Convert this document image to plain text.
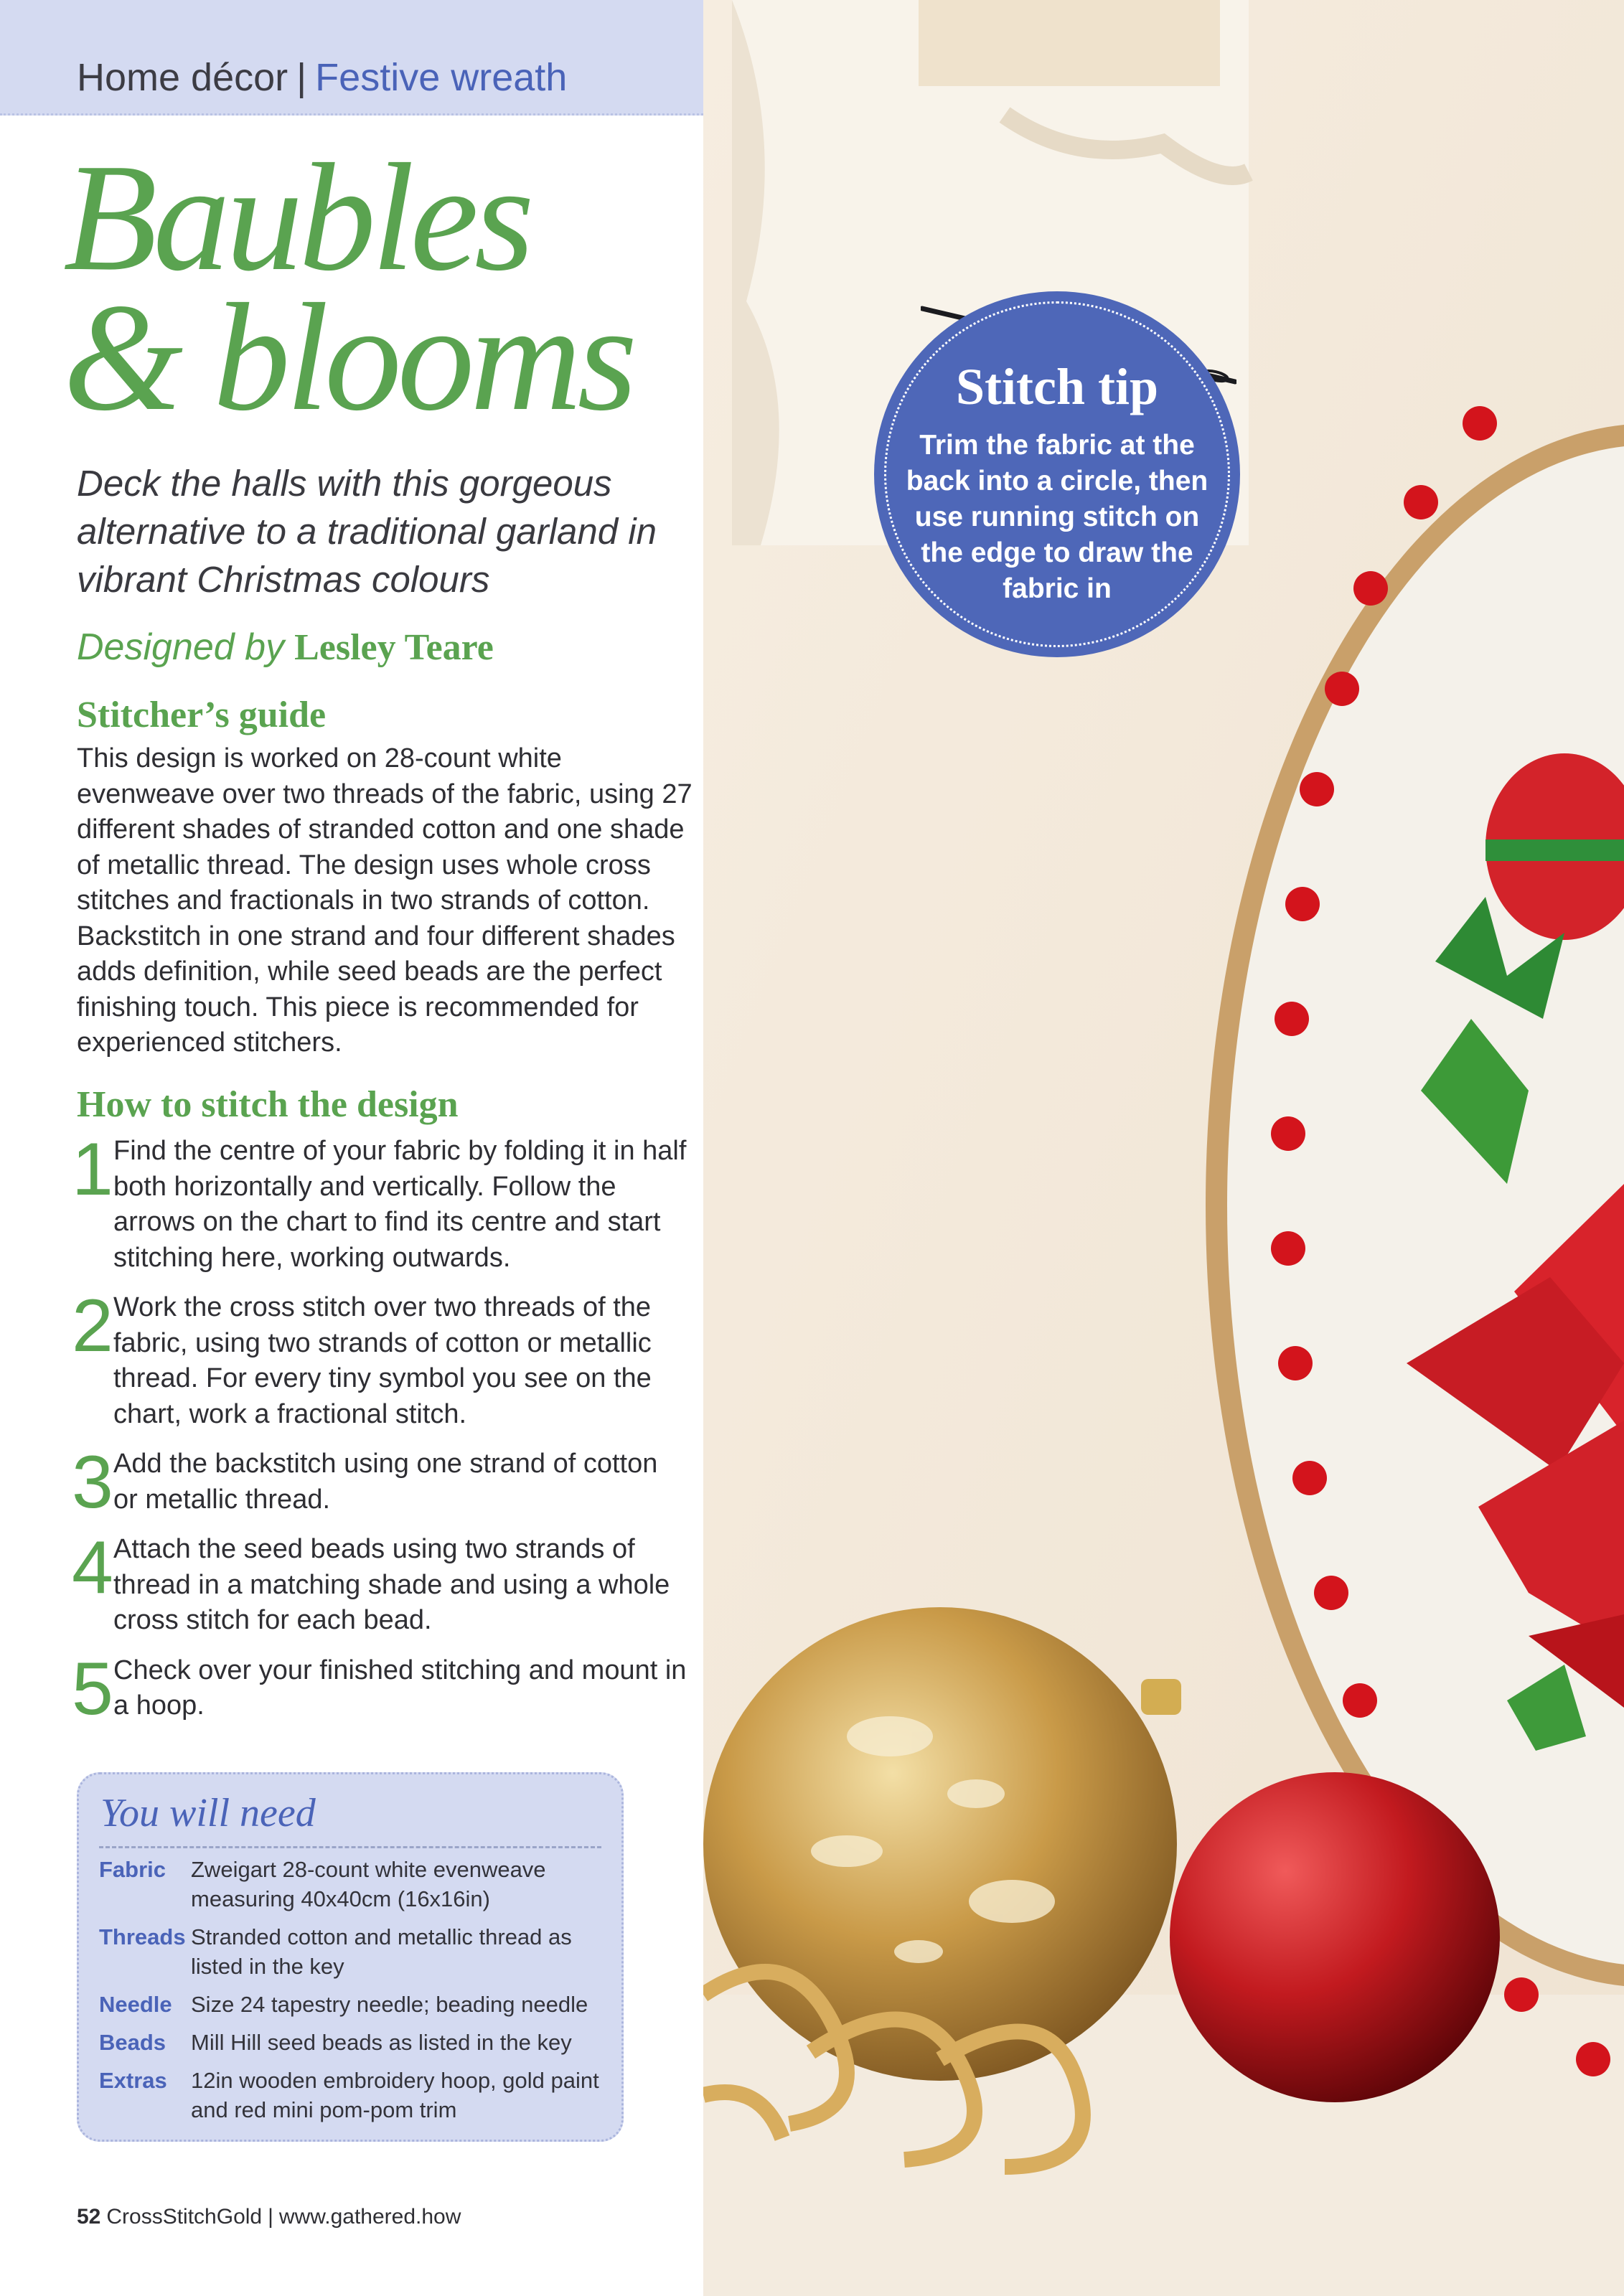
Home décor | Festive wreath
Baubles
& blooms

Deck the halls with this gorgeous alternative to a traditional garland in vibrant Christmas colours

Designed by Lesley Teare
Stitcher’s guide

This design is worked on 28-count white evenweave over two threads of the fabric, using 27 different shades of stranded cotton and one shade of metallic thread. The design uses whole cross stitches and fractionals in two strands of cotton. Backstitch in one strand and four different shades adds definition, while seed beads are the perfect finishing touch. This piece is recommended for experienced stitchers.

How to stitch the design
1 Find the centre of your fabric by folding it in half both horizontally and vertically. Follow the arrows on the chart to find its centre and start stitching here, working outwards.
2 Work the cross stitch over two threads of the fabric, using two strands of cotton or metallic thread. For every tiny symbol you see on the chart, work a fractional stitch.
3 Add the backstitch using one strand of cotton or metallic thread.
4 Attach the seed beads using two strands of thread in a matching shade and using a whole cross stitch for each bead.
5 Check over your finished stitching and mount in a hoop.
You will need
Fabric	Zweigart 28-count white evenweave measuring 40x40cm (16x16in)
Threads Stranded cotton and metallic thread as listed in the key
Needle Size 24 tapestry needle; beading needle
Beads	Mill Hill seed beads as listed in the key
Extras	12in wooden embroidery hoop, gold paint and red mini pom-pom trim
52 CrossStitchGold | www.gathered.how
Stitch tip

Trim the fabric at the back into a circle, then use running stitch on the edge to draw the fabric in
